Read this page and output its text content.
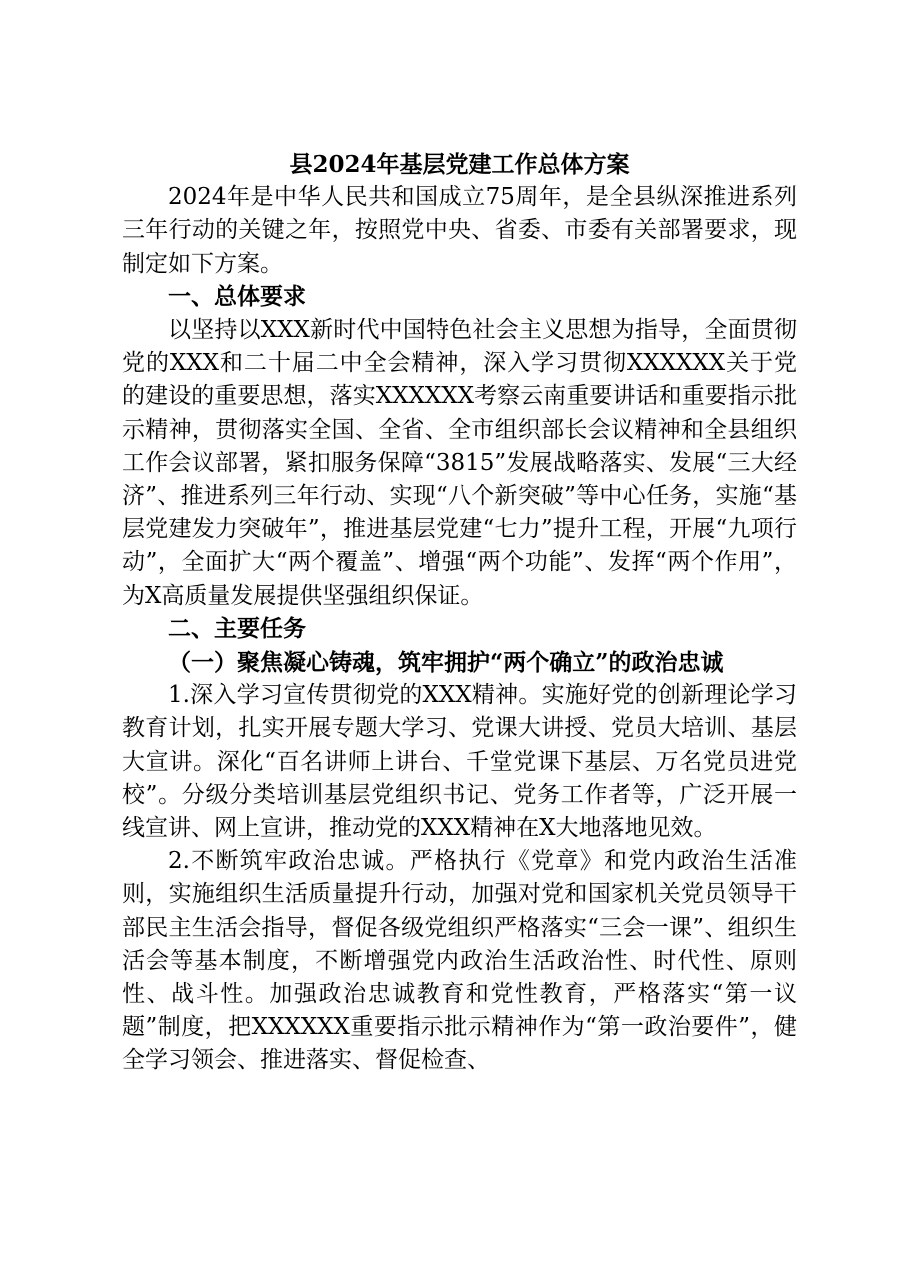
县2024年基层党建工作总体方案

2024年是中华人民共和国成立75周年，是全县纵深推进系列三年行动的关键之年，按照党中央、省委、市委有关部署要求，现制定如下方案。

一、总体要求

以坚持以XXX新时代中国特色社会主义思想为指导，全面贯彻党的XXX和二十届二中全会精神，深入学习贯彻XXXXXX关于党的建设的重要思想，落实XXXXXX考察云南重要讲话和重要指示批示精神，贯彻落实全国、全省、全市组织部长会议精神和全县组织工作会议部署，紧扣服务保障“3815”发展战略落实、发展“三大经济”、推进系列三年行动、实现“八个新突破”等中心任务，实施“基层党建发力突破年”，推进基层党建“七力”提升工程，开展“九项行动”，全面扩大“两个覆盖”、增强“两个功能”、发挥“两个作用”，为X高质量发展提供坚强组织保证。

二、主要任务

（一）聚焦凝心铸魂，筑牢拥护“两个确立”的政治忠诚

1.深入学习宣传贯彻党的XXX精神。实施好党的创新理论学习教育计划，扎实开展专题大学习、党课大讲授、党员大培训、基层大宣讲。深化“百名讲师上讲台、千堂党课下基层、万名党员进党校”。分级分类培训基层党组织书记、党务工作者等，广泛开展一线宣讲、网上宣讲，推动党的XXX精神在X大地落地见效。

2.不断筑牢政治忠诚。严格执行《党章》和党内政治生活准则，实施组织生活质量提升行动，加强对党和国家机关党员领导干部民主生活会指导，督促各级党组织严格落实“三会一课”、组织生活会等基本制度，不断增强党内政治生活政治性、时代性、原则性、战斗性。加强政治忠诚教育和党性教育，严格落实“第一议题”制度，把XXXXXX重要指示批示精神作为“第一政治要件”，健全学习领会、推进落实、督促检查、
